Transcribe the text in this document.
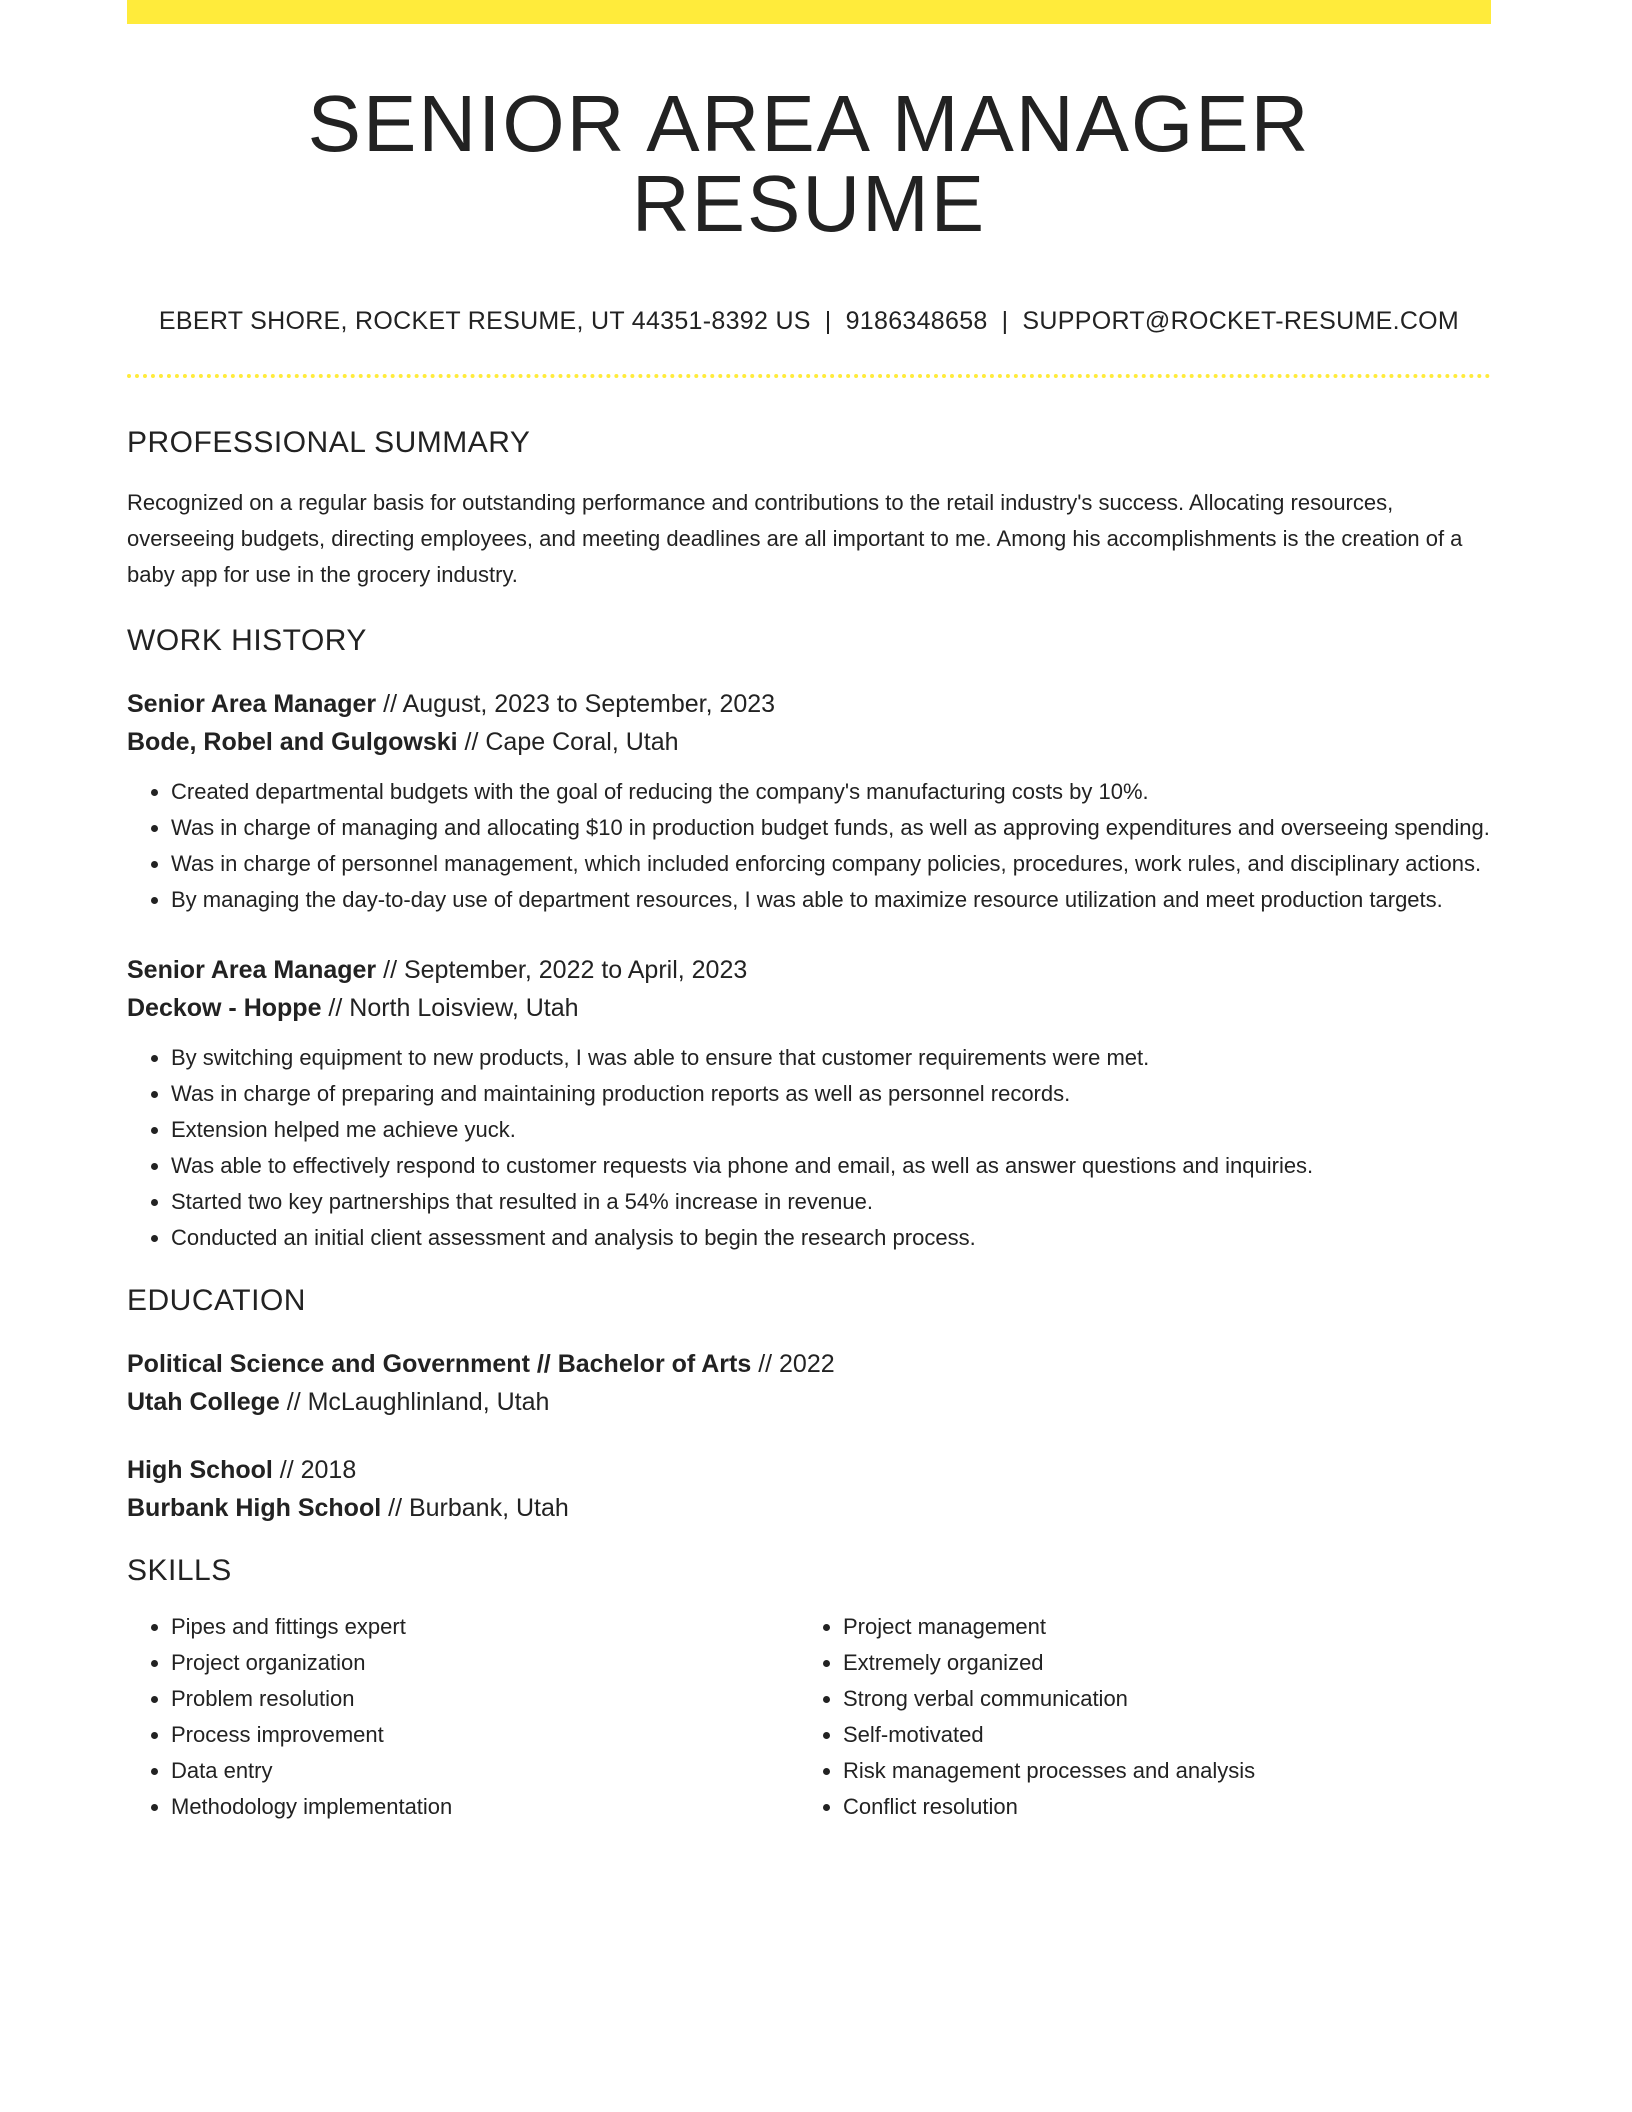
SENIOR AREA MANAGER RESUME
EBERT SHORE, ROCKET RESUME, UT 44351-8392 US | 9186348658 | SUPPORT@ROCKET-RESUME.COM
PROFESSIONAL SUMMARY
Recognized on a regular basis for outstanding performance and contributions to the retail industry's success. Allocating resources, overseeing budgets, directing employees, and meeting deadlines are all important to me. Among his accomplishments is the creation of a baby app for use in the grocery industry.
WORK HISTORY
Senior Area Manager // August, 2023 to September, 2023
Bode, Robel and Gulgowski // Cape Coral, Utah
• Created departmental budgets with the goal of reducing the company's manufacturing costs by 10%.
• Was in charge of managing and allocating $10 in production budget funds, as well as approving expenditures and overseeing spending.
• Was in charge of personnel management, which included enforcing company policies, procedures, work rules, and disciplinary actions.
• By managing the day-to-day use of department resources, I was able to maximize resource utilization and meet production targets.
Senior Area Manager // September, 2022 to April, 2023
Deckow - Hoppe // North Loisview, Utah
• By switching equipment to new products, I was able to ensure that customer requirements were met.
• Was in charge of preparing and maintaining production reports as well as personnel records.
• Extension helped me achieve yuck.
• Was able to effectively respond to customer requests via phone and email, as well as answer questions and inquiries.
• Started two key partnerships that resulted in a 54% increase in revenue.
• Conducted an initial client assessment and analysis to begin the research process.
EDUCATION
Political Science and Government // Bachelor of Arts // 2022
Utah College // McLaughlinland, Utah
High School // 2018
Burbank High School // Burbank, Utah
SKILLS
• Pipes and fittings expert
• Project organization
• Problem resolution
• Process improvement
• Data entry
• Methodology implementation
• Project management
• Extremely organized
• Strong verbal communication
• Self-motivated
• Risk management processes and analysis
• Conflict resolution
